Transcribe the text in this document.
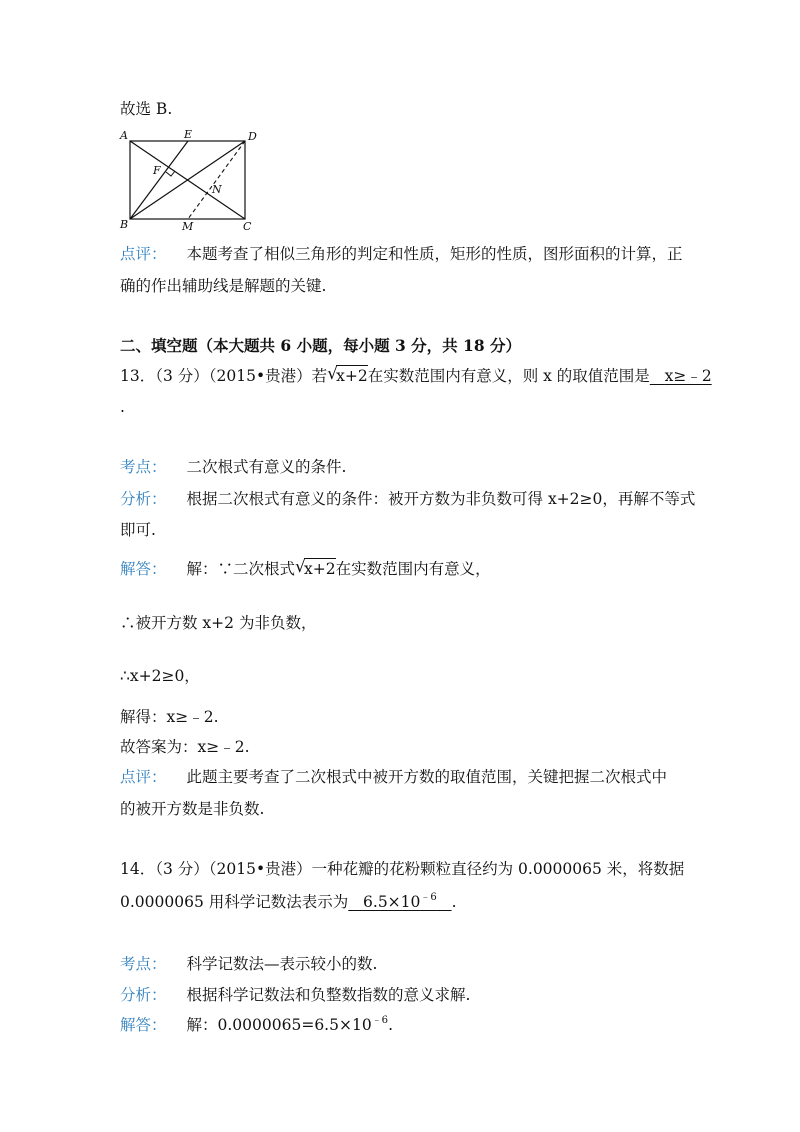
故选 B.
A	E	D
F
N
B	M	C
点评： 本题考查了相似三角形的判定和性质，矩形的性质，图形面积的计算，正
确的作出辅助线是解题的关键.
二、填空题（本大题共 6 小题，每小题 3 分，共 18 分）
13．（3 分）（2015•贵港）若 √
x+2在实数范围内有意义，则 x 的取值范围是 x≥﹣2
.
考点： 二次根式有意义的条件.
分析： 根据二次根式有意义的条件：被开方数为非负数可得 x+2≥0，再解不等式
即可.
解答： 解：∵二次根式 √
x+2在实数范围内有意义，
∴被开方数 x+2 为非负数，
∴x+2≥0，
解得：x≥﹣2.
故答案为：x≥﹣2.
点评： 此题主要考查了二次根式中被开方数的取值范围，关键把握二次根式中
的被开方数是非负数.
14．（3 分）（2015•贵港）一种花瓣的花粉颗粒直径约为 0.0000065 米，将数据
0.0000065 用科学记数法表示为 $6.5\times 10^{﹣6}$ .
考点： 科学记数法—表示较小的数.
分析： 根据科学记数法和负整数指数的意义求解.
解答： 解：$0.0000065=6.5\times 10^{﹣6}$.
